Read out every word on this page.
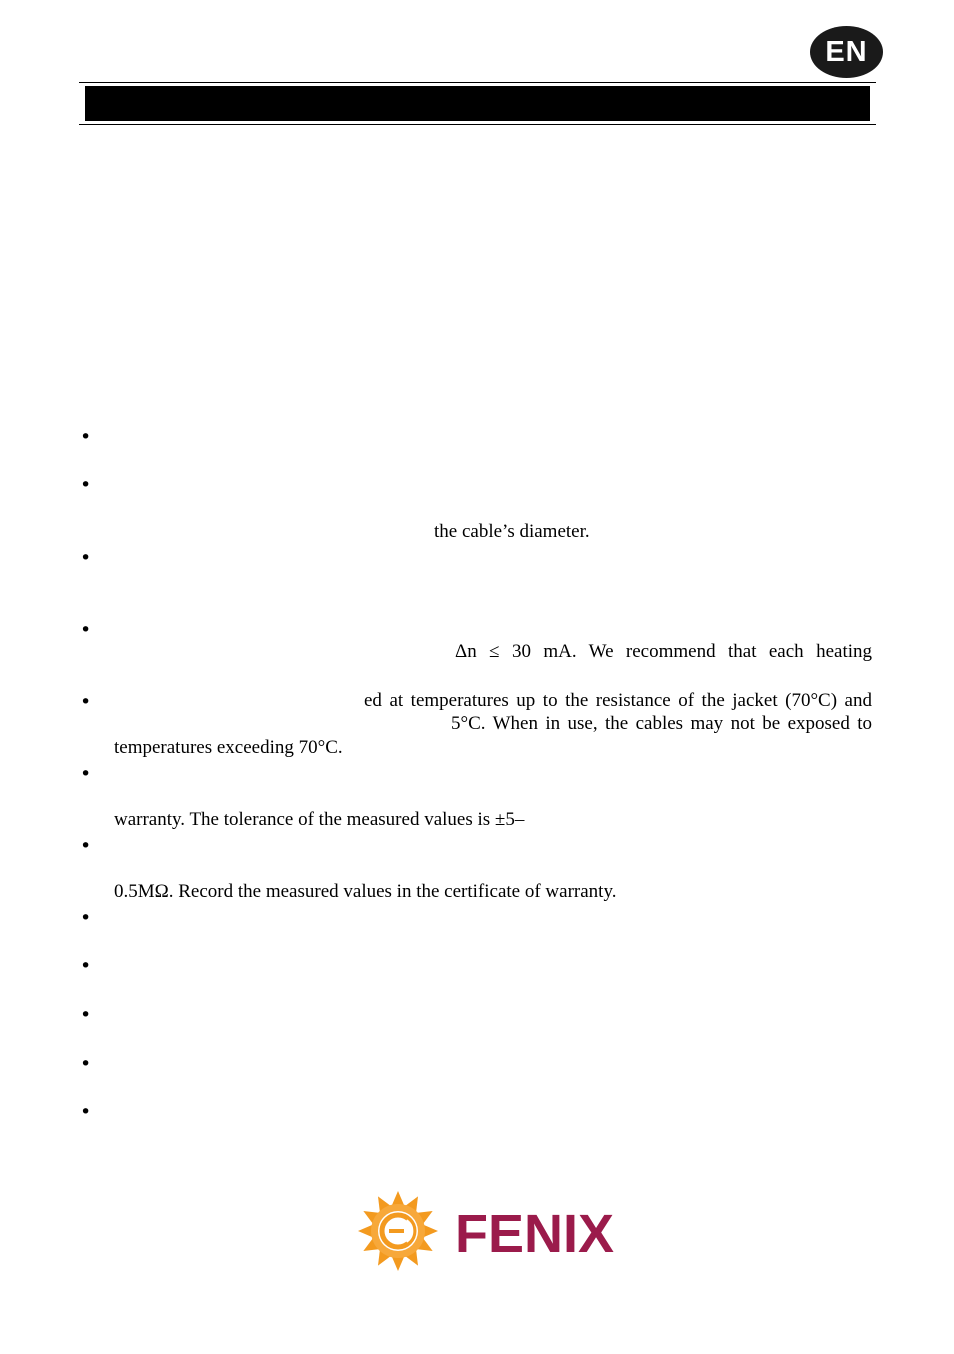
EN
•
•
•
•
•
•
•
•
•
•
•
•
the cable’s diameter.
Δn ≤ 30 mA. We recommend that each heating
ed at temperatures up to the resistance of the jacket (70°C) and
5°C. When in use, the cables may not be exposed to
temperatures exceeding 70°C.
warranty. The tolerance of the measured values is ±5–
0.5MΩ. Record the measured values in the certificate of warranty.
FENIX
